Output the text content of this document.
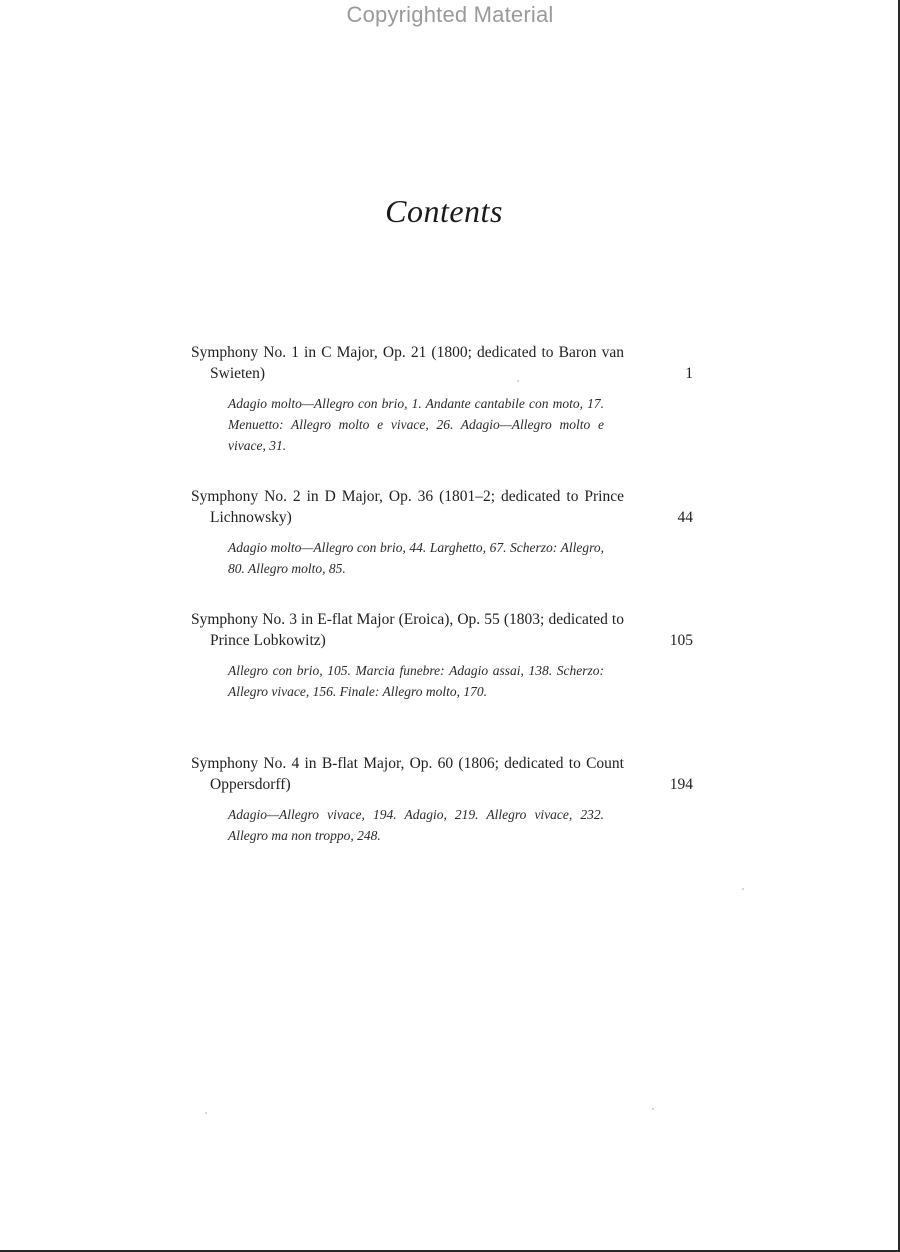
Copyrighted Material
Contents
Symphony No. 1 in C Major, Op. 21 (1800; dedicated to Baron van Swieten)	1
Adagio molto—Allegro con brio, 1. Andante cantabile con moto, 17. Menuetto: Allegro molto e vivace, 26. Adagio—Allegro molto e vivace, 31.
Symphony No. 2 in D Major, Op. 36 (1801–2; dedicated to Prince Lichnowsky)	44
Adagio molto—Allegro con brio, 44. Larghetto, 67. Scherzo: Allegro, 80. Allegro molto, 85.
Symphony No. 3 in E-flat Major (Eroica), Op. 55 (1803; dedicated to Prince Lobkowitz)	105
Allegro con brio, 105. Marcia funebre: Adagio assai, 138. Scherzo: Allegro vivace, 156. Finale: Allegro molto, 170.
Symphony No. 4 in B-flat Major, Op. 60 (1806; dedicated to Count Oppersdorff)	194
Adagio—Allegro vivace, 194. Adagio, 219. Allegro vivace, 232. Allegro ma non troppo, 248.
